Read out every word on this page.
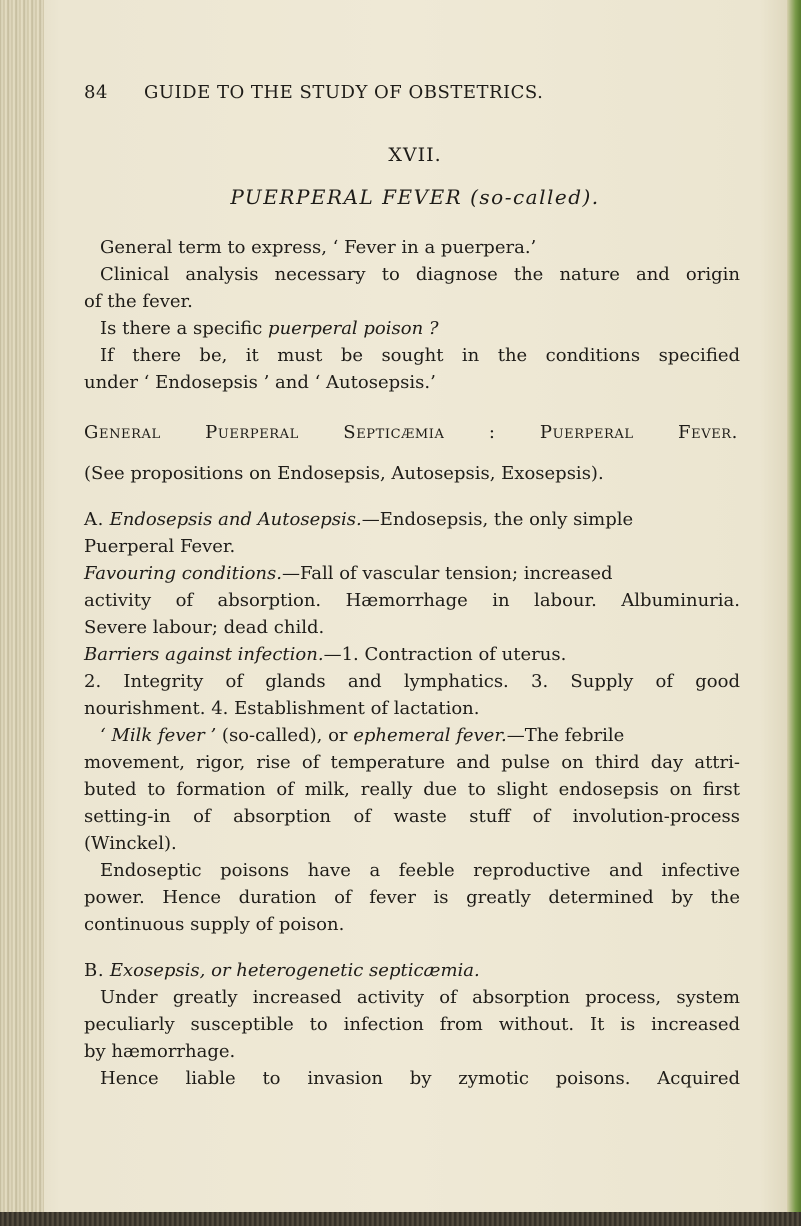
84 GUIDE TO THE STUDY OF OBSTETRICS.
XVII.
PUERPERAL FEVER (so-called).
General term to express, ‘ Fever in a puerpera.’
Clinical analysis necessary to diagnose the nature and origin
of the fever.
Is there a specific puerperal poison ?
If there be, it must be sought in the conditions specified
under ‘ Endosepsis ’ and ‘ Autosepsis.’
General Puerperal Septicæmia : Puerperal Fever.
(See propositions on Endosepsis, Autosepsis, Exosepsis).
A. Endosepsis and Autosepsis.—Endosepsis, the only simple
Puerperal Fever.
Favouring conditions.—Fall of vascular tension; increased
activity of absorption. Hæmorrhage in labour. Albuminuria.
Severe labour; dead child.
Barriers against infection.—1. Contraction of uterus.
2. Integrity of glands and lymphatics. 3. Supply of good
nourishment. 4. Establishment of lactation.
‘ Milk fever ’ (so-called), or ephemeral fever.—The febrile
movement, rigor, rise of temperature and pulse on third day attri-
buted to formation of milk, really due to slight endosepsis on first
setting-in of absorption of waste stuff of involution-process
(Winckel).
Endoseptic poisons have a feeble reproductive and infective
power. Hence duration of fever is greatly determined by the
continuous supply of poison.
B. Exosepsis, or heterogenetic septicæmia.
Under greatly increased activity of absorption process, system
peculiarly susceptible to infection from without. It is increased
by hæmorrhage.
Hence liable to invasion by zymotic poisons. Acquired
